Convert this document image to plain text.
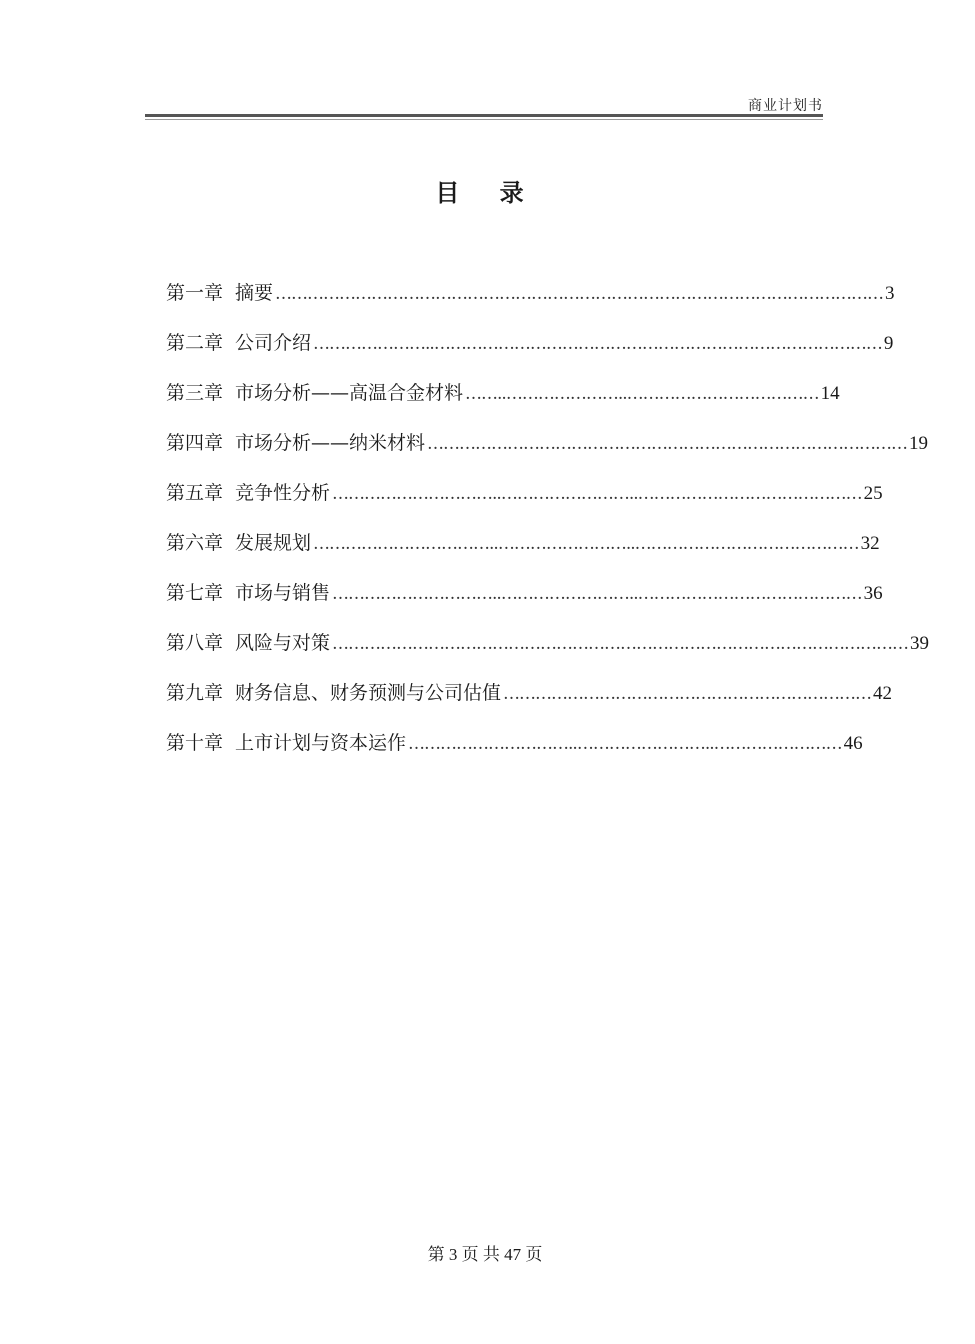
商业计划书
目 录
第一章 摘要 …………………………………………………………………………………………………… 3
第二章 公司介绍 …………………..………………………………………………………………………… 9
第三章 市场分析——高温合金材料 ……..…………………..……………………………… 14
第四章 市场分析——纳米材料 ……………………………………………………………………………… 19
第五章 竞争性分析 …………………………..……………………..…………………………………… 25
第六章 发展规划 ……………………………..……………………..…………………………………… 32
第七章 市场与销售 …………………………..……………………..…………………………………… 36
第八章 风险与对策 ……………………………………………………………………………………………… 39
第九章 财务信息、财务预测与公司估值 …………………………………………………………… 42
第十章 上市计划与资本运作 …………………………..……………………..…………………… 46
第 3 页 共 47 页
